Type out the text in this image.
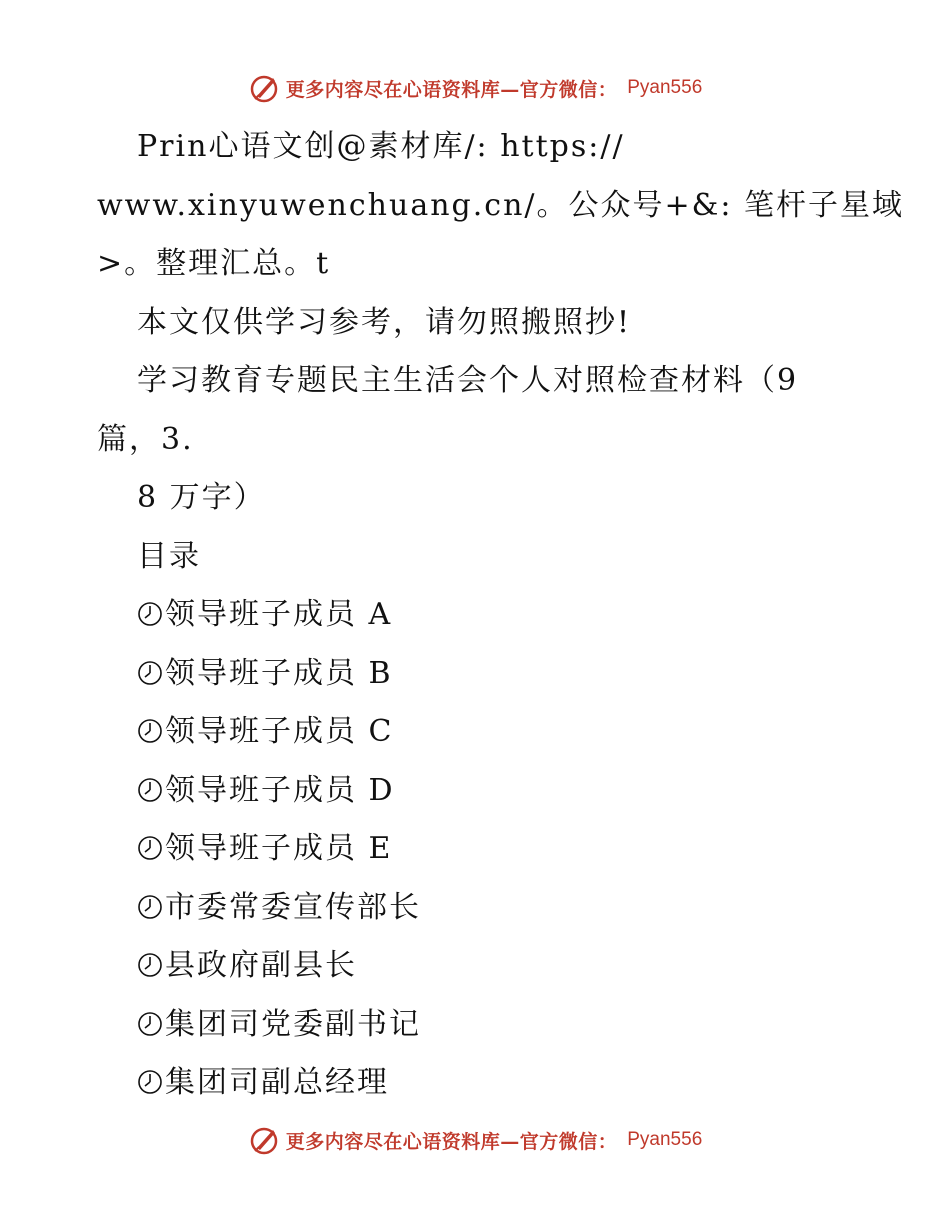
更多内容尽在心语资料库—官方微信： Pyan556
Prin心语文创@素材库/: https://
www.xinyuwenchuang.cn/。公众号+&: 笔杆子星域
>。整理汇总。t
本文仅供学习参考，请勿照搬照抄!
学习教育专题民主生活会个人对照检查材料（9
篇，3.
8 万字）
目录
领导班子成员 A
领导班子成员 B
领导班子成员 C
领导班子成员 D
领导班子成员 E
市委常委宣传部长
县政府副县长
集团司党委副书记
集团司副总经理
更多内容尽在心语资料库—官方微信： Pyan556
